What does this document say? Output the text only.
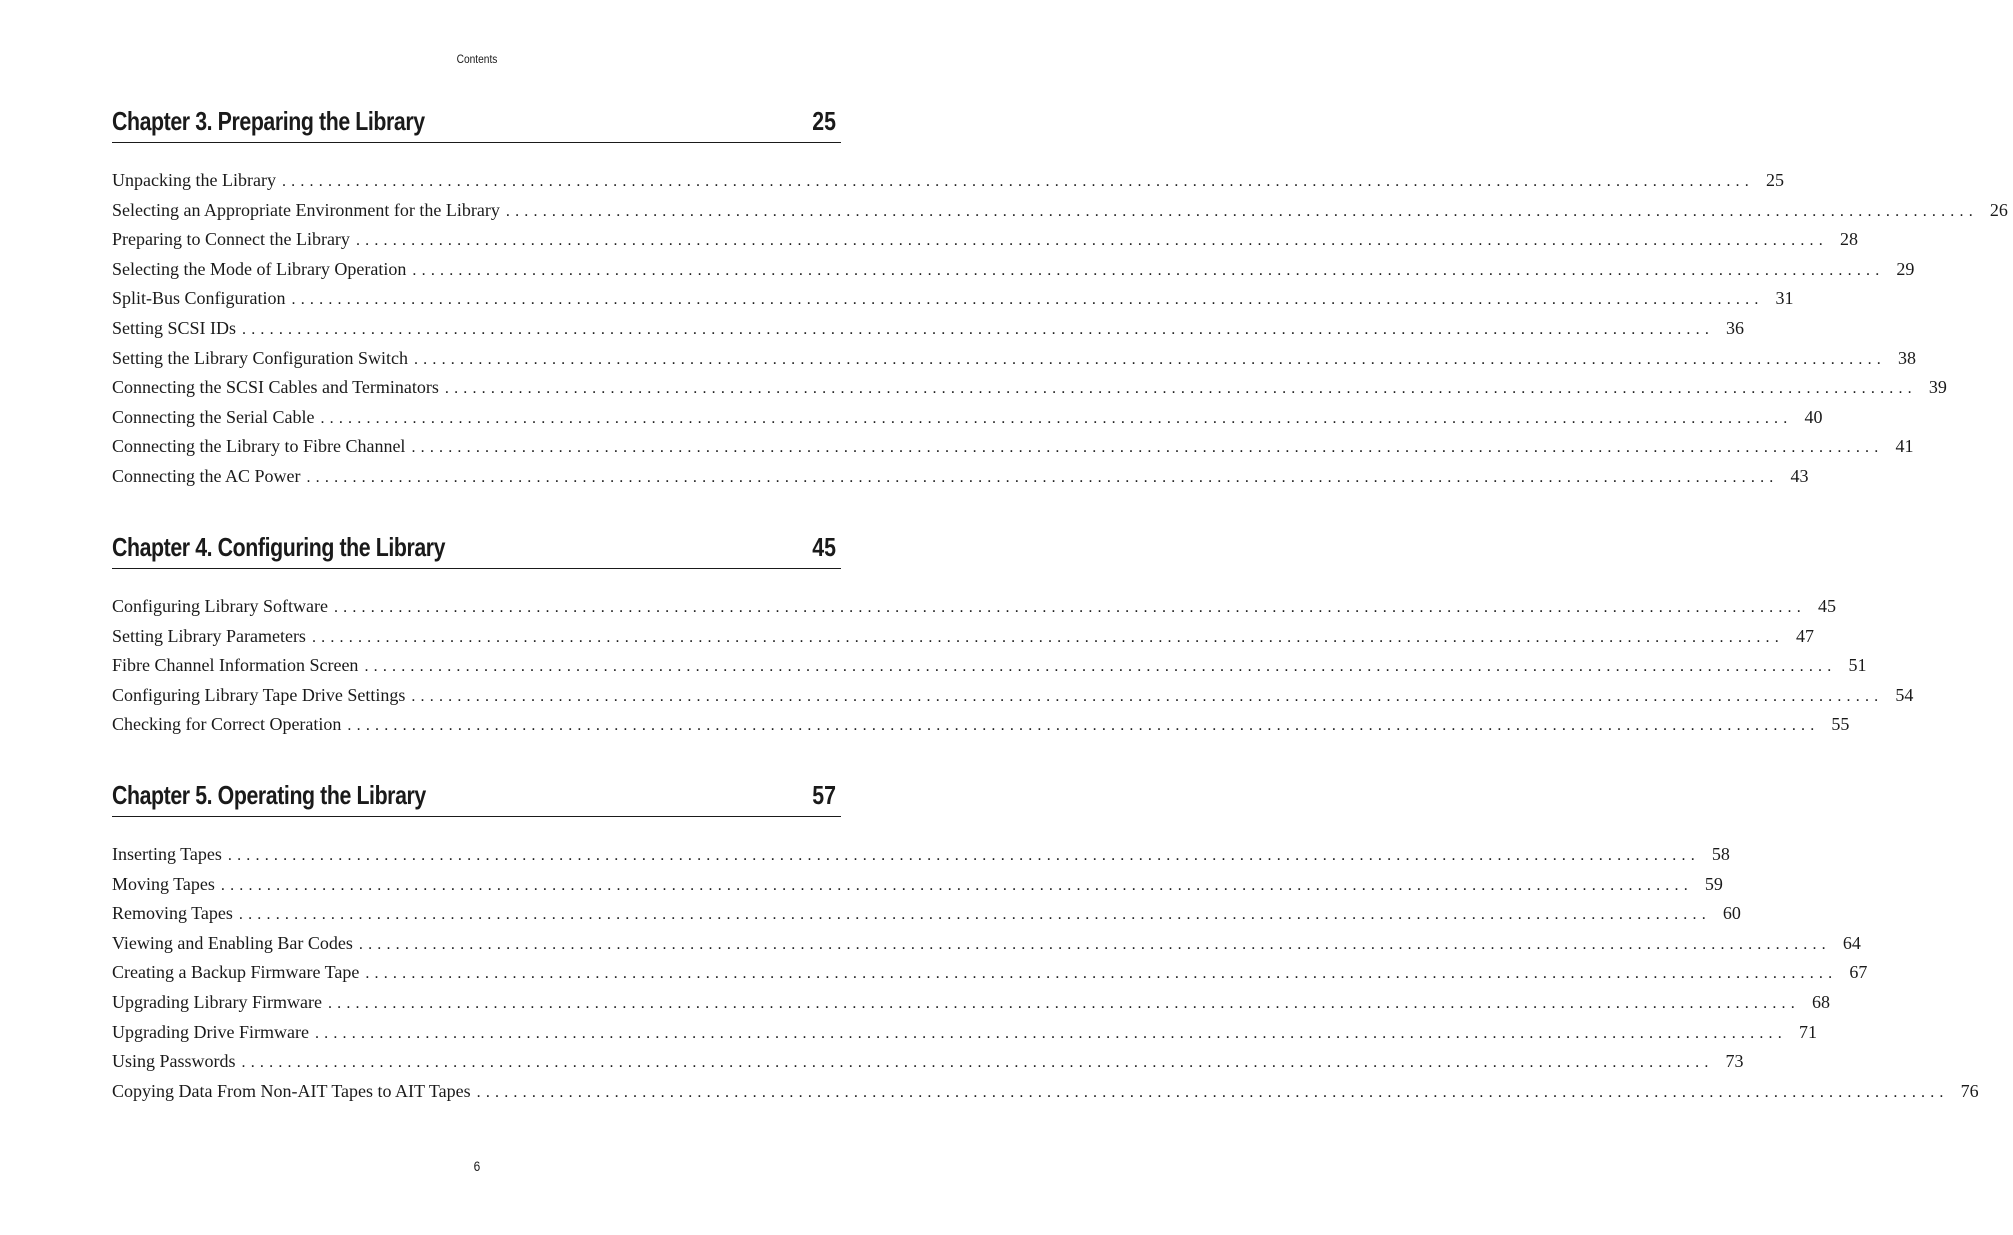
Contents
Chapter 3. Preparing the Library	25
Unpacking the Library ................................................................................................................................................................ 25
Selecting an Appropriate Environment for the Library ................................................................................................................................................................ 26
Preparing to Connect the Library ................................................................................................................................................................ 28
Selecting the Mode of Library Operation ................................................................................................................................................................ 29
Split-Bus Configuration ................................................................................................................................................................ 31
Setting SCSI IDs ................................................................................................................................................................ 36
Setting the Library Configuration Switch ................................................................................................................................................................ 38
Connecting the SCSI Cables and Terminators ................................................................................................................................................................ 39
Connecting the Serial Cable ................................................................................................................................................................ 40
Connecting the Library to Fibre Channel ................................................................................................................................................................ 41
Connecting the AC Power ................................................................................................................................................................ 43
Chapter 4. Configuring the Library	45
Configuring Library Software ................................................................................................................................................................ 45
Setting Library Parameters ................................................................................................................................................................ 47
Fibre Channel Information Screen ................................................................................................................................................................ 51
Configuring Library Tape Drive Settings ................................................................................................................................................................ 54
Checking for Correct Operation ................................................................................................................................................................ 55
Chapter 5. Operating the Library	57
Inserting Tapes ................................................................................................................................................................ 58
Moving Tapes ................................................................................................................................................................ 59
Removing Tapes ................................................................................................................................................................ 60
Viewing and Enabling Bar Codes ................................................................................................................................................................ 64
Creating a Backup Firmware Tape ................................................................................................................................................................ 67
Upgrading Library Firmware ................................................................................................................................................................ 68
Upgrading Drive Firmware ................................................................................................................................................................ 71
Using Passwords ................................................................................................................................................................ 73
Copying Data From Non-AIT Tapes to AIT Tapes ................................................................................................................................................................ 76
6
